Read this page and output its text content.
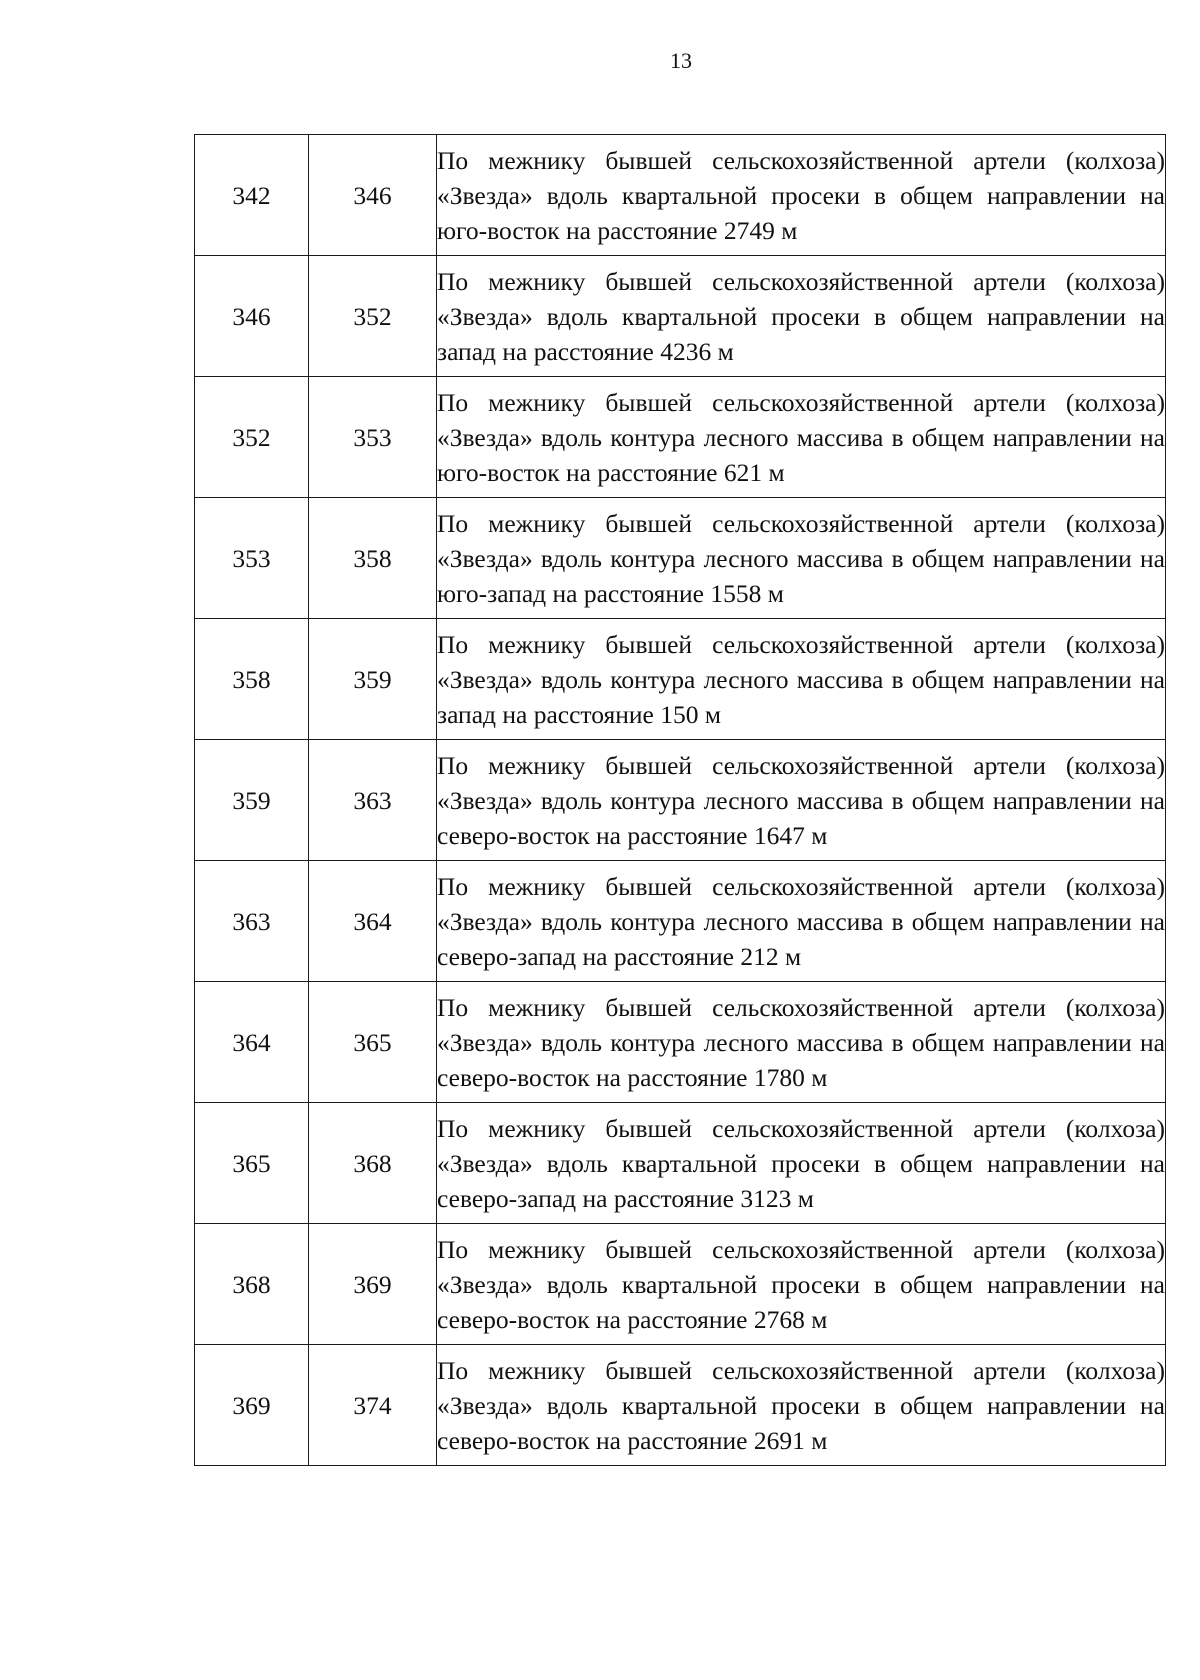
13
342	346	По межнику бывшей сельскохозяйственной артели (колхоза) «Звезда» вдоль квартальной просеки в общем направлении на юго-восток на расстояние 2749 м

346	352	По межнику бывшей сельскохозяйственной артели (колхоза) «Звезда» вдоль квартальной просеки в общем направлении на запад на расстояние 4236 м

352	353	По межнику бывшей сельскохозяйственной артели (колхоза) «Звезда» вдоль контура лесного массива в общем направлении на юго-восток на расстояние 621 м

353	358	По межнику бывшей сельскохозяйственной артели (колхоза) «Звезда» вдоль контура лесного массива в общем направлении на юго-запад на расстояние 1558 м

358	359	По межнику бывшей сельскохозяйственной артели (колхоза) «Звезда» вдоль контура лесного массива в общем направлении на запад на расстояние 150 м

359	363	По межнику бывшей сельскохозяйственной артели (колхоза) «Звезда» вдоль контура лесного массива в общем направлении на северо-восток на расстояние 1647 м

363	364	По межнику бывшей сельскохозяйственной артели (колхоза) «Звезда» вдоль контура лесного массива в общем направлении на северо-запад на расстояние 212 м

364	365	По межнику бывшей сельскохозяйственной артели (колхоза) «Звезда» вдоль контура лесного массива в общем направлении на северо-восток на расстояние 1780 м

365	368	По межнику бывшей сельскохозяйственной артели (колхоза) «Звезда» вдоль квартальной просеки в общем направлении на северо-запад на расстояние 3123 м

368	369	По межнику бывшей сельскохозяйственной артели (колхоза) «Звезда» вдоль квартальной просеки в общем направлении на северо-восток на расстояние 2768 м

369	374	По межнику бывшей сельскохозяйственной артели (колхоза) «Звезда» вдоль квартальной просеки в общем направлении на северо-восток на расстояние 2691 м
